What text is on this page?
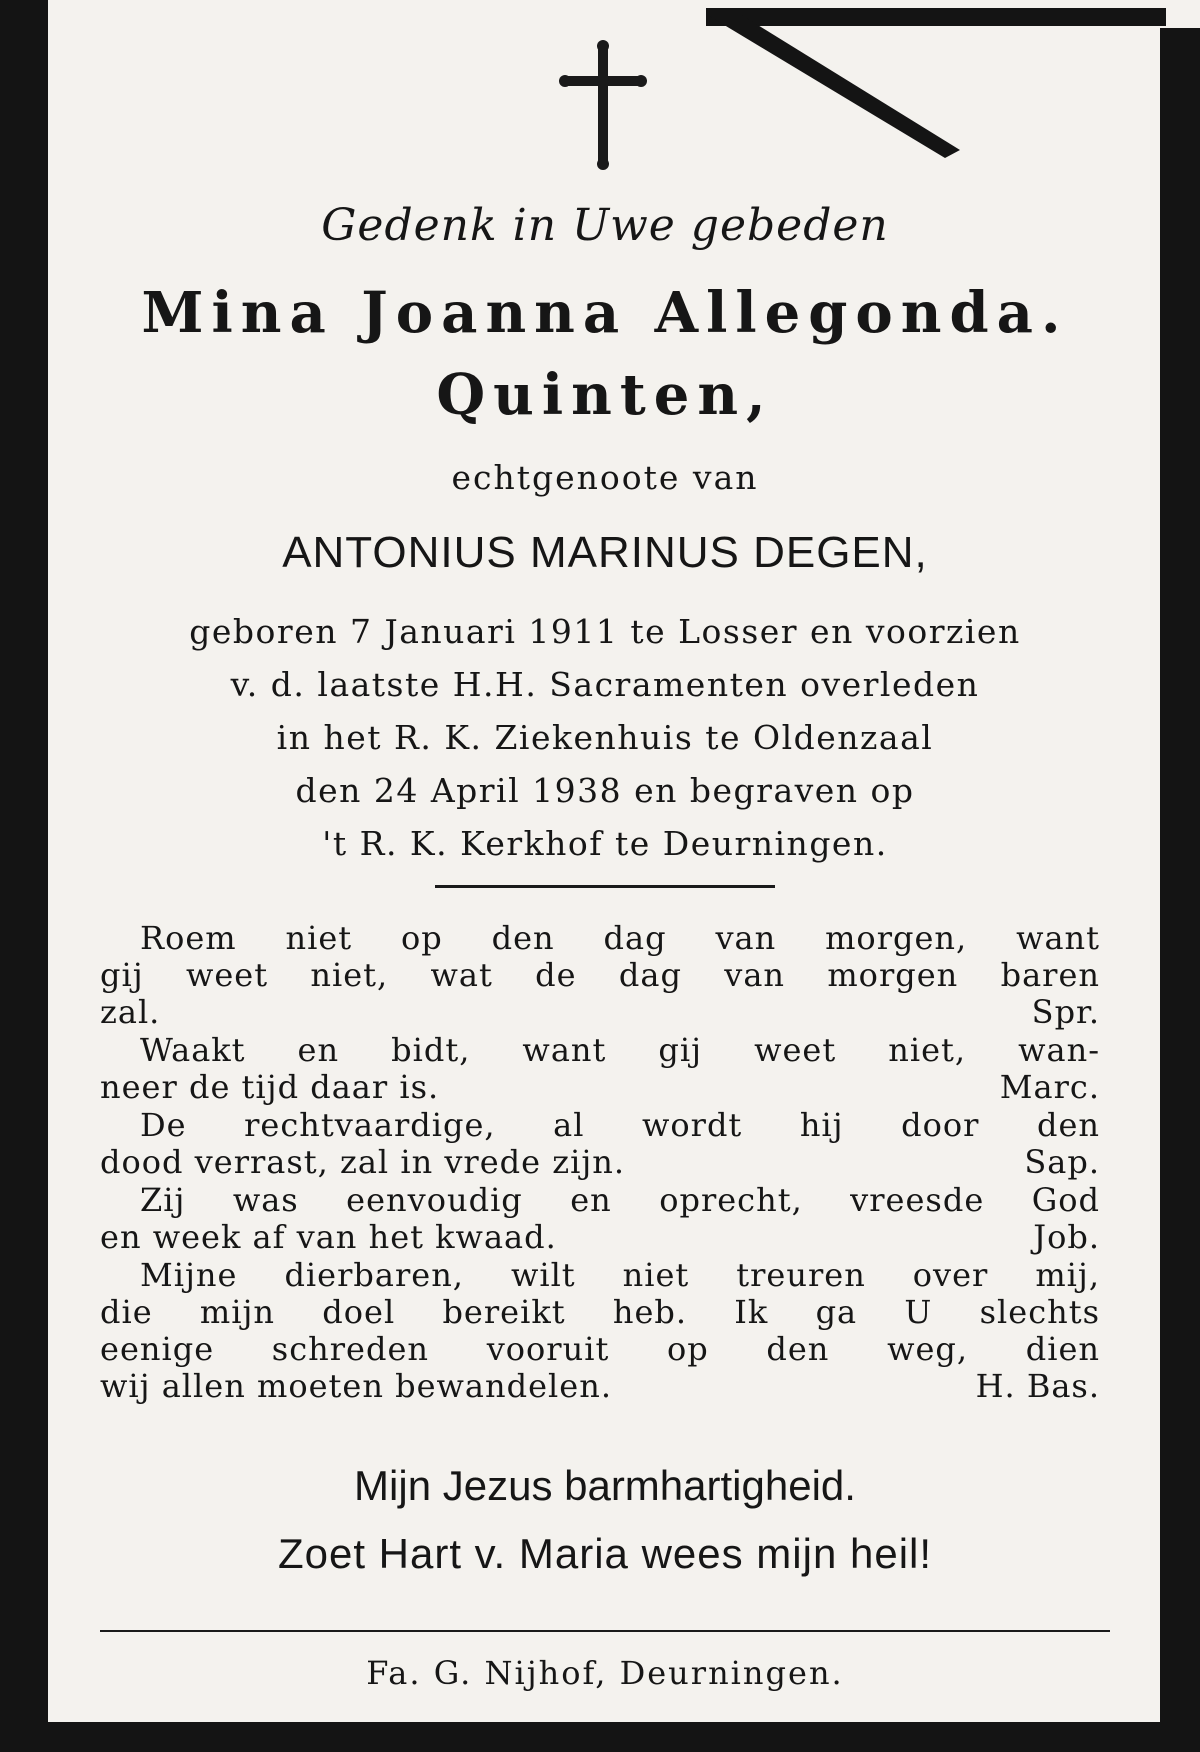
Gedenk in Uwe gebeden
Mina Joanna Allegonda.
Quinten,
echtgenoote van
ANTONIUS MARINUS DEGEN,
geboren 7 Januari 1911 te Losser en voorzien
v. d. laatste H.H. Sacramenten overleden
in het R. K. Ziekenhuis te Oldenzaal
den 24 April 1938 en begraven op
't R. K. Kerkhof te Deurningen.
Roem niet op den dag van morgen, want
gij weet niet, wat de dag van morgen baren
zal.	Spr.
Waakt en bidt, want gij weet niet, wan-
neer de tijd daar is.	Marc.
De rechtvaardige, al wordt hij door den
dood verrast, zal in vrede zijn.	Sap.
Zij was eenvoudig en oprecht, vreesde God
en week af van het kwaad.	Job.
Mijne dierbaren, wilt niet treuren over mij,
die mijn doel bereikt heb. Ik ga U slechts
eenige schreden vooruit op den weg, dien
wij allen moeten bewandelen.	H. Bas.
Mijn Jezus barmhartigheid.
Zoet Hart v. Maria wees mijn heil!
Fa. G. Nijhof, Deurningen.
